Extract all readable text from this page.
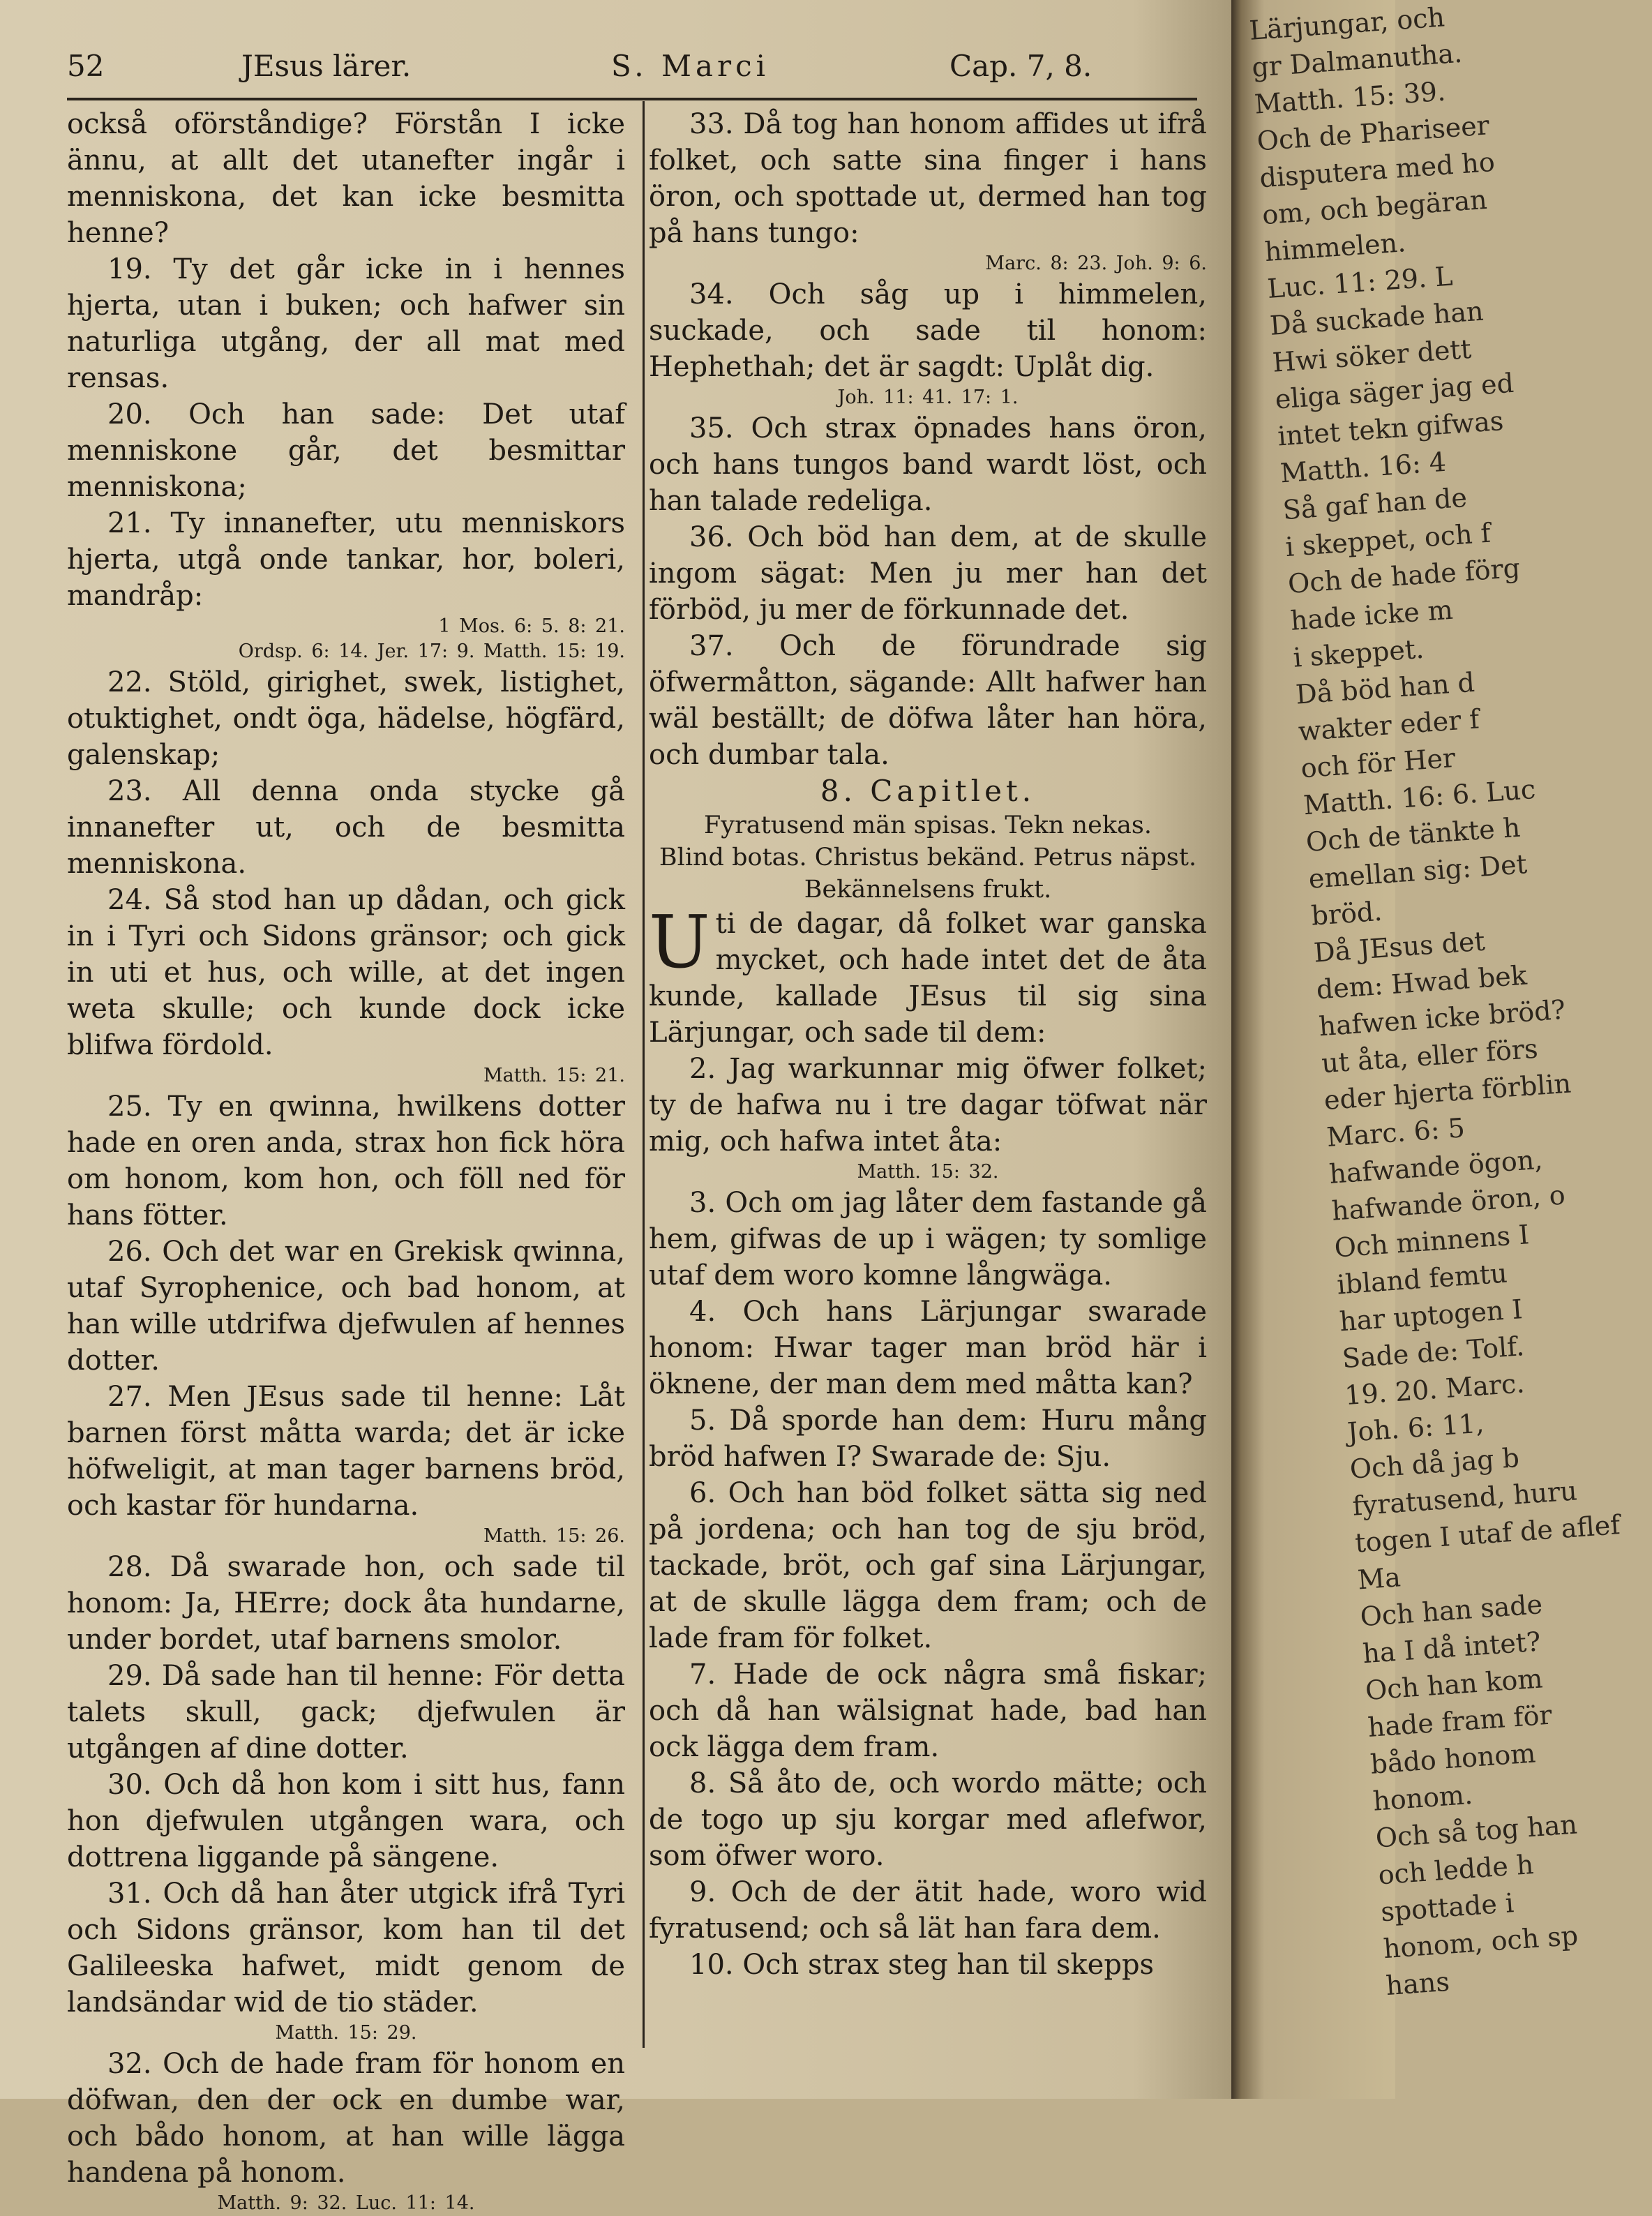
52	JEsus lärer.	S. Marci	Cap. 7, 8.

också oförståndige? Förstån I icke ännu, at allt det utanefter ingår i menniskona, det kan icke besmitta henne?

19. Ty det går icke in i hennes hjerta, utan i buken; och hafwer sin naturliga utgång, der all mat med rensas.

20. Och han sade: Det utaf menniskone går, det besmittar menniskona;

21. Ty innanefter, utu menniskors hjerta, utgå onde tankar, hor, boleri, mandråp:

1 Mos. 6: 5. 8: 21.

Ordsp. 6: 14. Jer. 17: 9. Matth. 15: 19.

22. Stöld, girighet, swek, listighet, otuktighet, ondt öga, hädelse, högfärd, galenskap;

23. All denna onda stycke gå innanefter ut, och de besmitta menniskona.

24. Så stod han up dådan, och gick in i Tyri och Sidons gränsor; och gick in uti et hus, och wille, at det ingen weta skulle; och kunde dock icke blifwa fördold.

Matth. 15: 21.

25. Ty en qwinna, hwilkens dotter hade en oren anda, strax hon fick höra om honom, kom hon, och föll ned för hans fötter.

26. Och det war en Grekisk qwinna, utaf Syrophenice, och bad honom, at han wille utdrifwa djefwulen af hennes dotter.

27. Men JEsus sade til henne: Låt barnen först måtta warda; det är icke höfweligit, at man tager barnens bröd, och kastar för hundarna.

Matth. 15: 26.

28. Då swarade hon, och sade til honom: Ja, HErre; dock åta hundarne, under bordet, utaf barnens smolor.

29. Då sade han til henne: För detta talets skull, gack; djefwulen är utgången af dine dotter.

30. Och då hon kom i sitt hus, fann hon djefwulen utgången wara, och dottrena liggande på sängene.

31. Och då han åter utgick ifrå Tyri och Sidons gränsor, kom han til det Galileeska hafwet, midt genom de landsändar wid de tio städer.

Matth. 15: 29.

32. Och de hade fram för honom en döfwan, den der ock en dumbe war, och bådo honom, at han wille lägga handena på honom.

Matth. 9: 32. Luc. 11: 14.

33. Då tog han honom affides ut ifrå folket, och satte sina finger i hans öron, och spottade ut, dermed han tog på hans tungo:

Marc. 8: 23. Joh. 9: 6.

34. Och såg up i himmelen, suckade, och sade til honom: Hephethah; det är sagdt: Uplåt dig.

Joh. 11: 41. 17: 1.

35. Och strax öpnades hans öron, och hans tungos band wardt löst, och han talade redeliga.

36. Och böd han dem, at de skulle ingom sägat: Men ju mer han det förböd, ju mer de förkunnade det.

37. Och de förundrade sig öfwermåtton, sägande: Allt hafwer han wäl beställt; de döfwa låter han höra, och dumbar tala.

8. Capitlet.

Fyratusend män spisas. Tekn nekas.
Blind botas. Christus bekänd. Petrus näpst. Bekännelsens frukt.

Uti de dagar, då folket war ganska mycket, och hade intet det de åta kunde, kallade JEsus til sig sina Lärjungar, och sade til dem:

2. Jag warkunnar mig öfwer folket; ty de hafwa nu i tre dagar töfwat när mig, och hafwa intet åta:

Matth. 15: 32.

3. Och om jag låter dem fastande gå hem, gifwas de up i wägen; ty somlige utaf dem woro komne långwäga.

4. Och hans Lärjungar swarade honom: Hwar tager man bröd här i öknene, der man dem med måtta kan?

5. Då sporde han dem: Huru mång bröd hafwen I? Swarade de: Sju.

6. Och han böd folket sätta sig ned på jordena; och han tog de sju bröd, tackade, bröt, och gaf sina Lärjungar, at de skulle lägga dem fram; och de lade fram för folket.

7. Hade de ock några små fiskar; och då han wälsignat hade, bad han ock lägga dem fram.

8. Så åto de, och wordo mätte; och de togo up sju korgar med aflefwor, som öfwer woro.

9. Och de der ätit hade, woro wid fyratusend; och så lät han fara dem.

10. Och strax steg han til skepps

Lärjungar, och
gr Dalmanutha.
Matth. 15: 39.
Och de Phariseer
disputera med ho
om, och begäran
himmelen.
Luc. 11: 29. L
Då suckade han
Hwi söker dett
eliga säger jag ed
intet tekn gifwas
Matth. 16: 4
Så gaf han de
i skeppet, och f
Och de hade förg
hade icke m
i skeppet.
Då böd han d
wakter eder f
och för Her
Matth. 16: 6. Luc
Och de tänkte h
emellan sig: Det
bröd.
Då JEsus det
dem: Hwad bek
hafwen icke bröd?
ut åta, eller förs
eder hjerta förblin
Marc. 6: 5
hafwande ögon,
hafwande öron, o
Och minnens I
ibland femtu
har uptogen I
Sade de: Tolf.
19. 20. Marc.
Joh. 6: 11,
Och då jag b
fyratusend, huru
togen I utaf de aflef
Ma
Och han sade
ha I då intet?
Och han kom
hade fram för
bådo honom
honom.
Och så tog han
och ledde h
spottade i
honom, och sp
hans
